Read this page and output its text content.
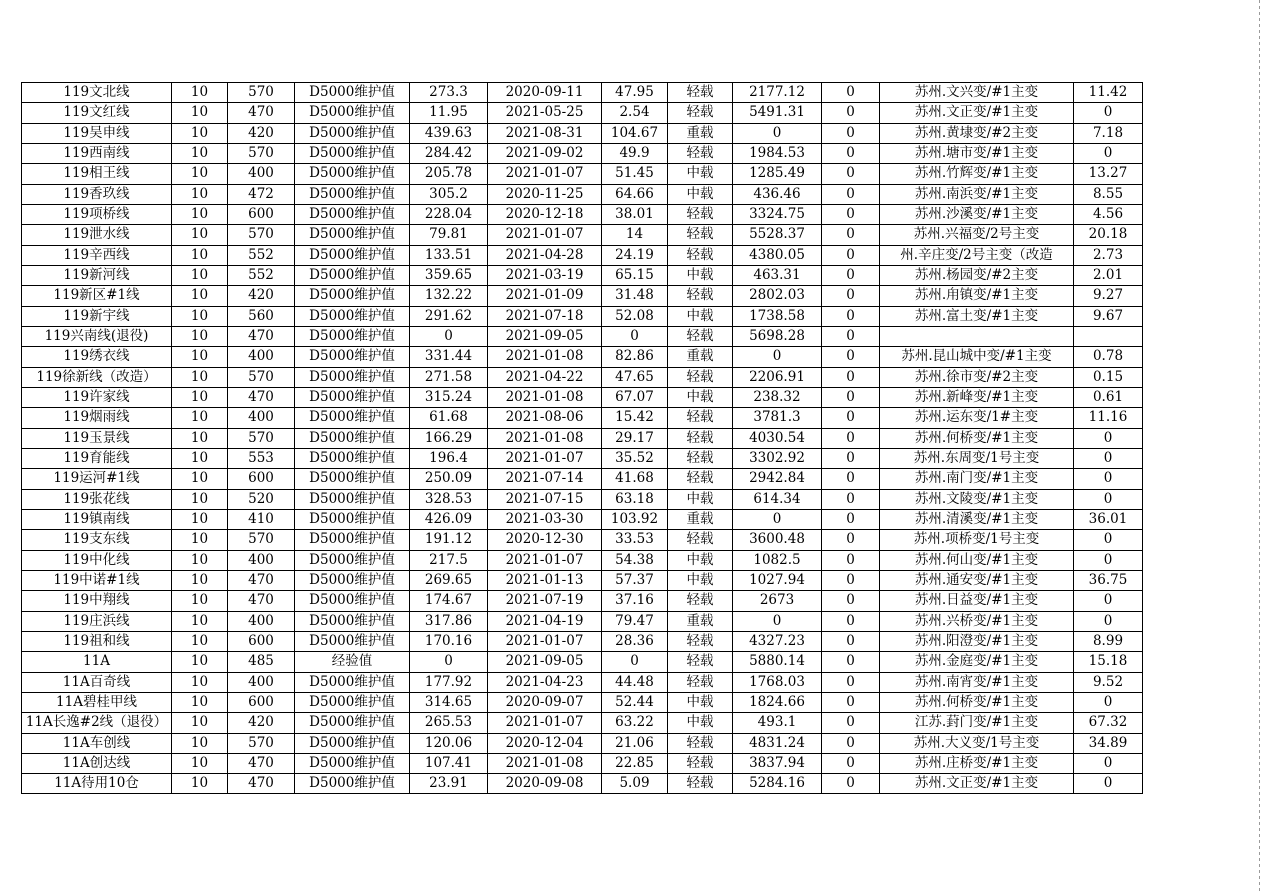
119文北线	10	570	D5000维护值	273.3	2020-09-11	47.95	轻载	2177.12	0	苏州.文兴变/#1主变	11.42
119文红线	10	470	D5000维护值	11.95	2021-05-25	2.54	轻载	5491.31	0	苏州.文正变/#1主变	0
119吴申线	10	420	D5000维护值	439.63	2021-08-31	104.67	重载	0	0	苏州.黄埭变/#2主变	7.18
119西南线	10	570	D5000维护值	284.42	2021-09-02	49.9	轻载	1984.53	0	苏州.塘市变/#1主变	0
119相王线	10	400	D5000维护值	205.78	2021-01-07	51.45	中载	1285.49	0	苏州.竹辉变/#1主变	13.27
119香玖线	10	472	D5000维护值	305.2	2020-11-25	64.66	中载	436.46	0	苏州.南浜变/#1主变	8.55
119项桥线	10	600	D5000维护值	228.04	2020-12-18	38.01	轻载	3324.75	0	苏州.沙溪变/#1主变	4.56
119泄水线	10	570	D5000维护值	79.81	2021-01-07	14	轻载	5528.37	0	苏州.兴福变/2号主变	20.18
119辛西线	10	552	D5000维护值	133.51	2021-04-28	24.19	轻载	4380.05	0	州.辛庄变/2号主变（改造	2.73
119新河线	10	552	D5000维护值	359.65	2021-03-19	65.15	中载	463.31	0	苏州.杨园变/#2主变	2.01
119新区#1线	10	420	D5000维护值	132.22	2021-01-09	31.48	轻载	2802.03	0	苏州.甪镇变/#1主变	9.27
119新宇线	10	560	D5000维护值	291.62	2021-07-18	52.08	中载	1738.58	0	苏州.富土变/#1主变	9.67
119兴南线(退役)	10	470	D5000维护值	0	2021-09-05	0	轻载	5698.28	0		
119绣衣线	10	400	D5000维护值	331.44	2021-01-08	82.86	重载	0	0	苏州.昆山城中变/#1主变	0.78
119徐新线（改造）	10	570	D5000维护值	271.58	2021-04-22	47.65	轻载	2206.91	0	苏州.徐市变/#2主变	0.15
119许家线	10	470	D5000维护值	315.24	2021-01-08	67.07	中载	238.32	0	苏州.新峰变/#1主变	0.61
119烟雨线	10	400	D5000维护值	61.68	2021-08-06	15.42	轻载	3781.3	0	苏州.运东变/1#主变	11.16
119玉景线	10	570	D5000维护值	166.29	2021-01-08	29.17	轻载	4030.54	0	苏州.何桥变/#1主变	0
119育能线	10	553	D5000维护值	196.4	2021-01-07	35.52	轻载	3302.92	0	苏州.东周变/1号主变	0
119运河#1线	10	600	D5000维护值	250.09	2021-07-14	41.68	轻载	2942.84	0	苏州.南门变/#1主变	0
119张花线	10	520	D5000维护值	328.53	2021-07-15	63.18	中载	614.34	0	苏州.文陵变/#1主变	0
119镇南线	10	410	D5000维护值	426.09	2021-03-30	103.92	重载	0	0	苏州.清溪变/#1主变	36.01
119支东线	10	570	D5000维护值	191.12	2020-12-30	33.53	轻载	3600.48	0	苏州.项桥变/1号主变	0
119中化线	10	400	D5000维护值	217.5	2021-01-07	54.38	中载	1082.5	0	苏州.何山变/#1主变	0
119中诺#1线	10	470	D5000维护值	269.65	2021-01-13	57.37	中载	1027.94	0	苏州.通安变/#1主变	36.75
119中翔线	10	470	D5000维护值	174.67	2021-07-19	37.16	轻载	2673	0	苏州.日益变/#1主变	0
119庄浜线	10	400	D5000维护值	317.86	2021-04-19	79.47	重载	0	0	苏州.兴桥变/#1主变	0
119祖和线	10	600	D5000维护值	170.16	2021-01-07	28.36	轻载	4327.23	0	苏州.阳澄变/#1主变	8.99
11A	10	485	经验值	0	2021-09-05	0	轻载	5880.14	0	苏州.金庭变/#1主变	15.18
11A百奇线	10	400	D5000维护值	177.92	2021-04-23	44.48	轻载	1768.03	0	苏州.南宵变/#1主变	9.52
11A碧桂甲线	10	600	D5000维护值	314.65	2020-09-07	52.44	中载	1824.66	0	苏州.何桥变/#1主变	0
11A长逸#2线（退役）	10	420	D5000维护值	265.53	2021-01-07	63.22	中载	493.1	0	江苏.葑门变/#1主变	67.32
11A车创线	10	570	D5000维护值	120.06	2020-12-04	21.06	轻载	4831.24	0	苏州.大义变/1号主变	34.89
11A创达线	10	470	D5000维护值	107.41	2021-01-08	22.85	轻载	3837.94	0	苏州.庄桥变/#1主变	0
11A待用10仓	10	470	D5000维护值	23.91	2020-09-08	5.09	轻载	5284.16	0	苏州.文正变/#1主变	0
